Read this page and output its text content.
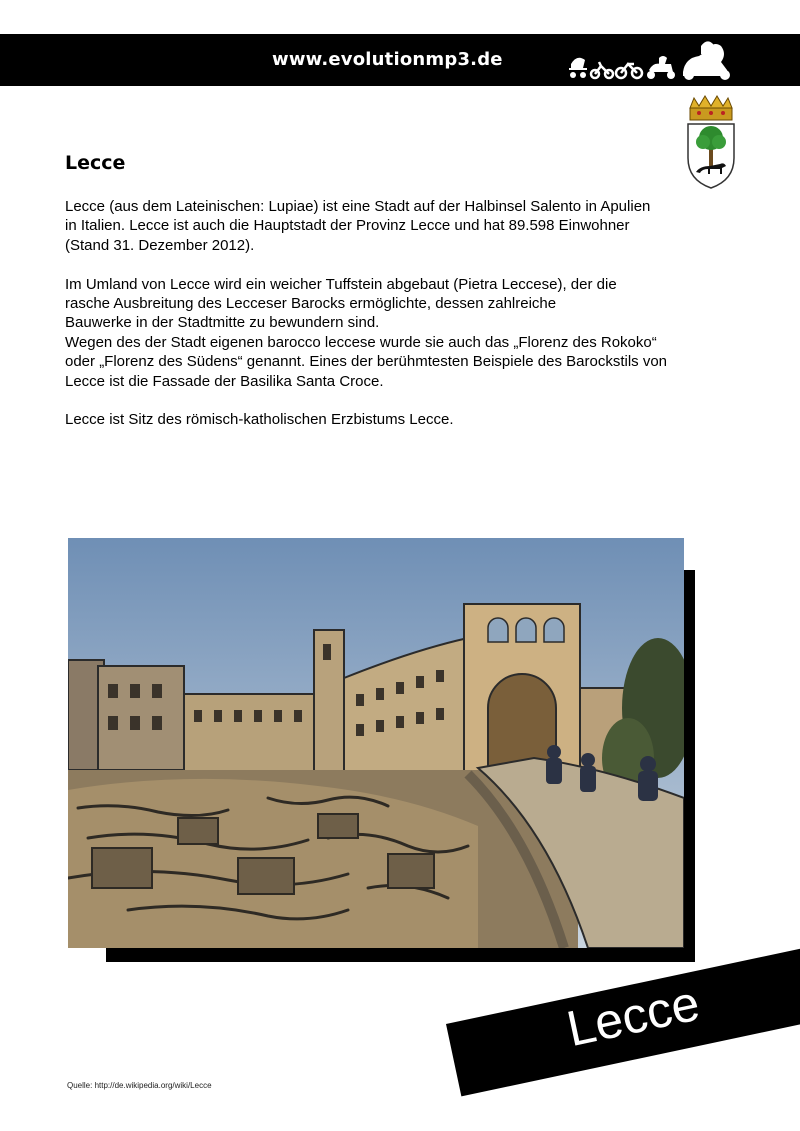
www.evolutionmp3.de
Lecce

Lecce (aus dem Lateinischen: Lupiae) ist eine Stadt auf der Halbinsel Salento in Apulien
in Italien. Lecce ist auch die Hauptstadt der Provinz Lecce und hat 89.598 Einwohner
(Stand 31. Dezember 2012).

Im Umland von Lecce wird ein weicher Tuffstein abgebaut (Pietra Leccese), der die
rasche Ausbreitung des Lecceser Barocks ermöglichte, dessen zahlreiche
Bauwerke in der Stadtmitte zu bewundern sind.
Wegen des der Stadt eigenen barocco leccese wurde sie auch das „Florenz des Rokoko“
oder „Florenz des Südens“ genannt. Eines der berühmtesten Beispiele des Barockstils von
Lecce ist die Fassade der Basilika Santa Croce.

Lecce ist Sitz des römisch-katholischen Erzbistums Lecce.

Lecce
Quelle: http://de.wikipedia.org/wiki/Lecce
